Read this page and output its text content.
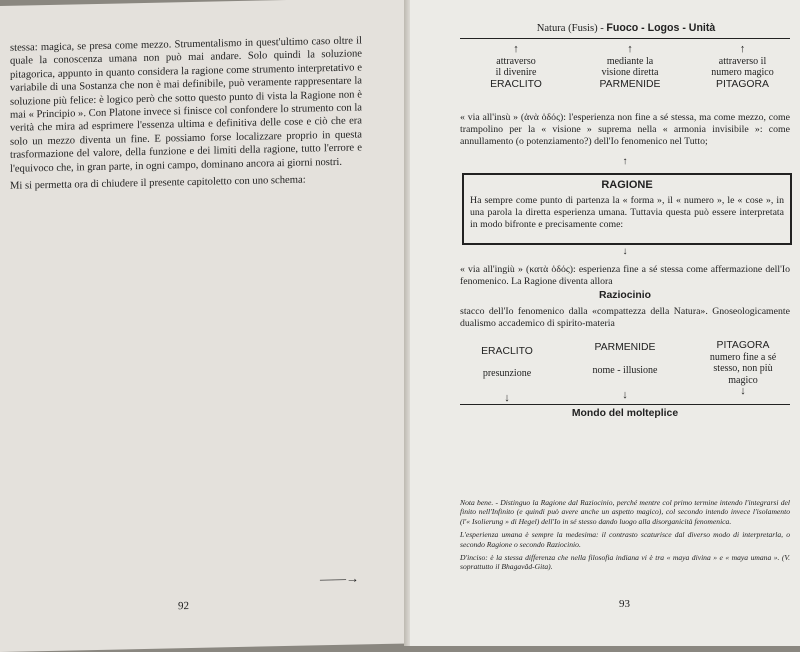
stessa: magica, se presa come mezzo. Strumentalismo in quest'ultimo caso oltre il quale la conoscenza umana non può mai andare. Solo quindi la soluzione pitagorica, appunto in quanto considera la ragione come strumento interpretativo e variabile di una Sostanza che non è mai definibile, può veramente rappresentare la soluzione più felice: è logico però che sotto questo punto di vista la Ragione non è mai « Principio ». Con Platone invece si finisce col confondere lo strumento con la verità che mira ad esprimere l'essenza ultima e definitiva delle cose e ciò che era solo un mezzo diventa un fine. E possiamo forse localizzare proprio in questa trasformazione del valore, della funzione e dei limiti della ragione, tutto l'errore e l'equivoco che, in gran parte, in ogni campo, dominano ancora ai giorni nostri.

Mi si permetta ora di chiudere il presente capitoletto con uno schema:

——→
92
Natura (Fusis) - Fuoco - Logos - Unità
↑
attraverso
il divenire
ERACLITO
↑
mediante la
visione diretta
PARMENIDE
↑
attraverso il
numero magico
PITAGORA
« via all'insù » (ἀνὰ ὁδός): l'esperienza non fine a sé stessa, ma come mezzo, come trampolino per la « visione » suprema nella « armonia invisibile »: come annullamento (o potenziamento?) dell'Io fenomenico nel Tutto;
↑
RAGIONE
Ha sempre come punto di partenza la « forma », il « numero », le « cose », in una parola la diretta esperienza umana. Tuttavia questa può essere interpretata in modo bifronte e precisamente come:
↓
« via all'ingiù » (κατὰ ὁδός): esperienza fine a sé stessa come affermazione dell'Io fenomenico. La Ragione diventa allora
Raziocinio
stacco dell'Io fenomenico dalla «compattezza della Natura». Gnoseologicamente dualismo accademico di spirito-materia
ERACLITO
presunzione
↓
PARMENIDE
nome - illusione
↓
PITAGORA
numero fine a sé stesso, non più magico
↓
Mondo del molteplice

Nota bene. - Distinguo la Ragione dal Raziocinio, perché mentre col primo termine intendo l'integrarsi del finito nell'Infinito (e quindi può avere anche un aspetto magico), col secondo intendo invece l'isolamento (l'« Isolierung » di Hegel) dell'Io in sé stesso dando luogo alla disorganicità fenomenica.

L'esperienza umana è sempre la medesima: il contrasto scaturisce dal diverso modo di interpretarla, o secondo Ragione o secondo Raziocinio.

D'inciso: è la stessa differenza che nella filosofia indiana vi è tra « maya divina » e « maya umana ». (V. soprattutto il Bhagavâd-Gita).

93
